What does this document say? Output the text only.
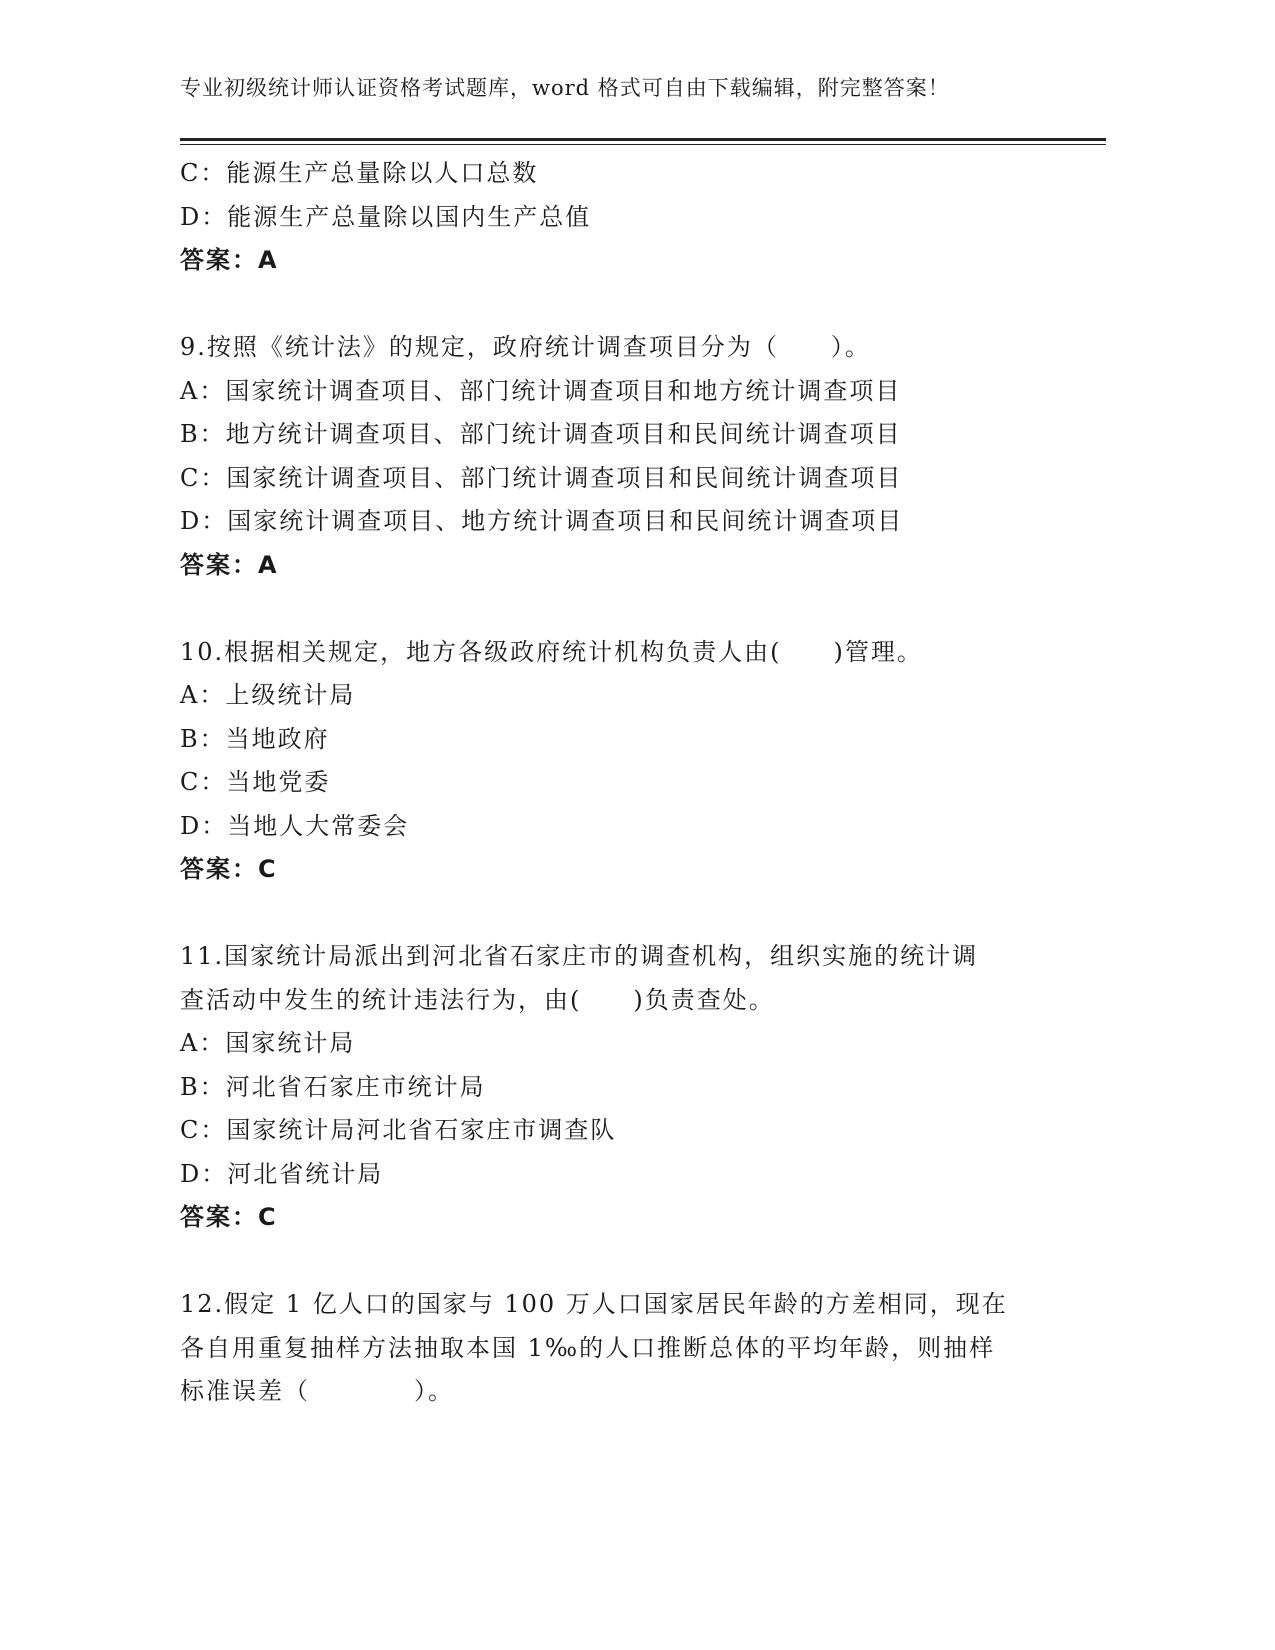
专业初级统计师认证资格考试题库，word 格式可自由下载编辑，附完整答案！
C：能源生产总量除以人口总数
D：能源生产总量除以国内生产总值
答案：A
9.按照《统计法》的规定，政府统计调查项目分为（　　）。
A：国家统计调查项目、部门统计调查项目和地方统计调查项目
B：地方统计调查项目、部门统计调查项目和民间统计调查项目
C：国家统计调查项目、部门统计调查项目和民间统计调查项目
D：国家统计调查项目、地方统计调查项目和民间统计调查项目
答案：A
10.根据相关规定，地方各级政府统计机构负责人由(　　)管理。
A：上级统计局
B：当地政府
C：当地党委
D：当地人大常委会
答案：C
11.国家统计局派出到河北省石家庄市的调查机构，组织实施的统计调
查活动中发生的统计违法行为，由(　　)负责查处。
A：国家统计局
B：河北省石家庄市统计局
C：国家统计局河北省石家庄市调查队
D：河北省统计局
答案：C
12.假定 1 亿人口的国家与 100 万人口国家居民年龄的方差相同，现在
各自用重复抽样方法抽取本国 1‰的人口推断总体的平均年龄，则抽样
标准误差（　　　　）。
